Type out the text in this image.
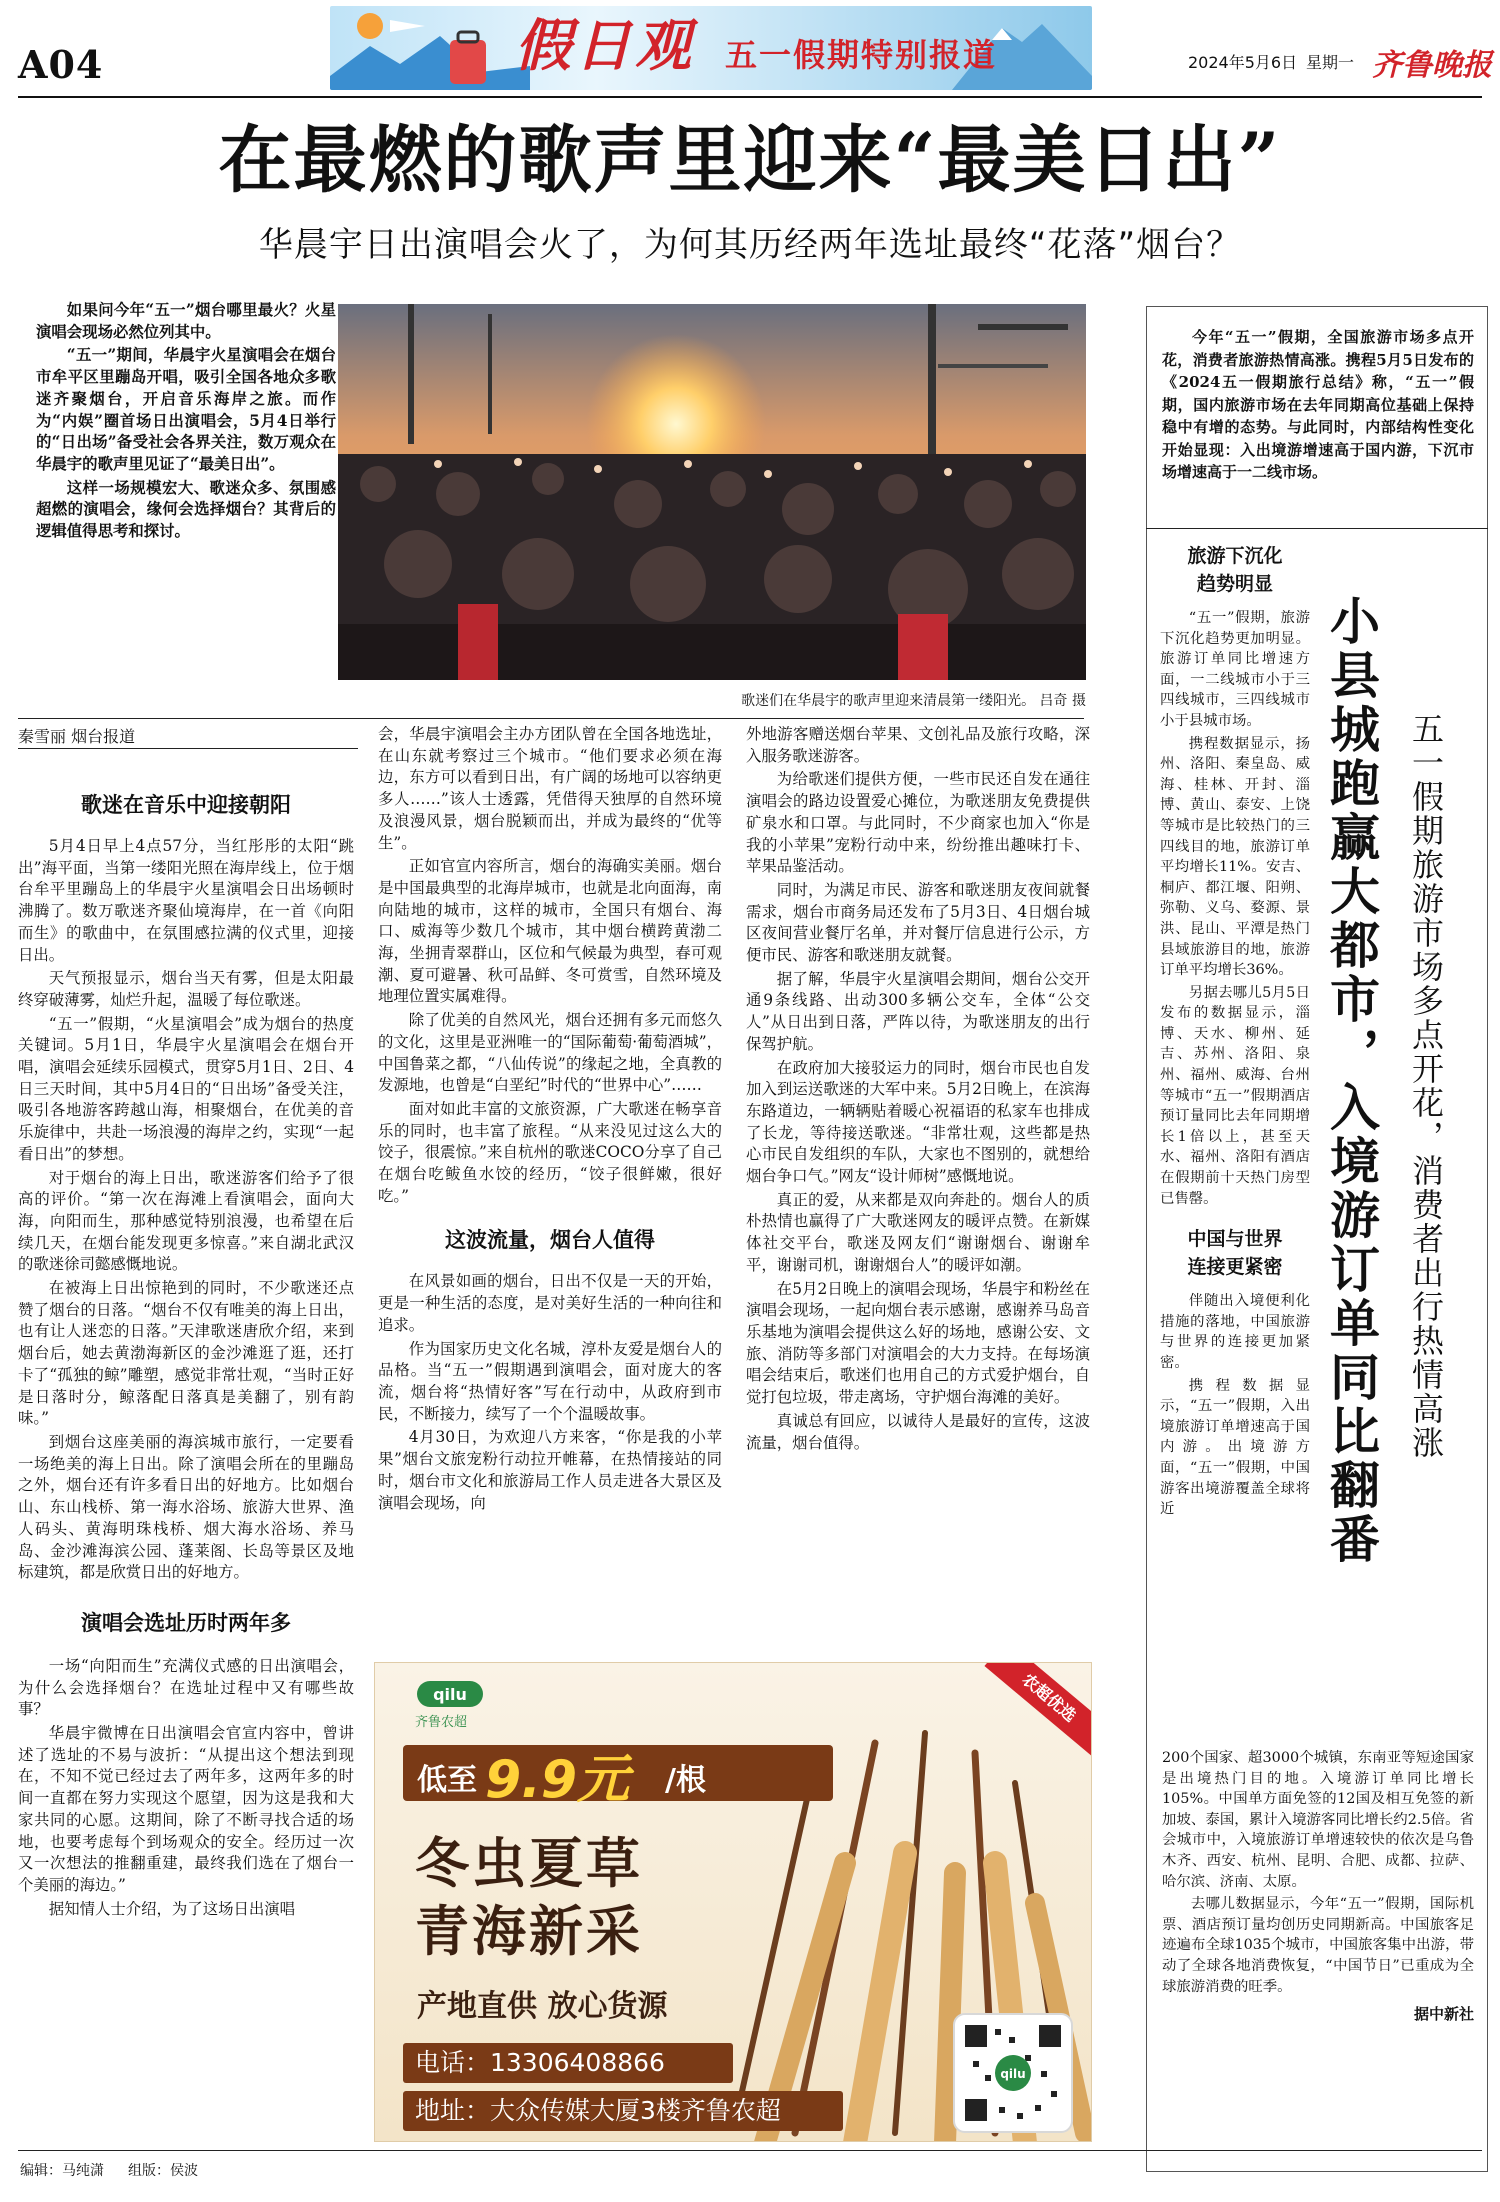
A04	假日观 五一假期特别报道	2024年5月6日 星期一 齐鲁晚报
在最燃的歌声里迎来“最美日出”
华晨宇日出演唱会火了，为何其历经两年选址最终“花落”烟台？

如果问今年“五一”烟台哪里最火？火星演唱会现场必然位列其中。

“五一”期间，华晨宇火星演唱会在烟台市牟平区里蹦岛开唱，吸引全国各地众多歌迷齐聚烟台，开启音乐海岸之旅。而作为“内娱”圈首场日出演唱会，5月4日举行的“日出场”备受社会各界关注，数万观众在华晨宇的歌声里见证了“最美日出”。

这样一场规模宏大、歌迷众多、氛围感超燃的演唱会，缘何会选择烟台？其背后的逻辑值得思考和探讨。

歌迷们在华晨宇的歌声里迎来清晨第一缕阳光。 吕奇 摄
秦雪丽 烟台报道
歌迷在音乐中迎接朝阳

5月4日早上4点57分，当红彤彤的太阳“跳出”海平面，当第一缕阳光照在海岸线上，位于烟台牟平里蹦岛上的华晨宇火星演唱会日出场顿时沸腾了。数万歌迷齐聚仙境海岸，在一首《向阳而生》的歌曲中，在氛围感拉满的仪式里，迎接日出。

天气预报显示，烟台当天有雾，但是太阳最终穿破薄雾，灿烂升起，温暖了每位歌迷。

“五一”假期，“火星演唱会”成为烟台的热度关键词。5月1日，华晨宇火星演唱会在烟台开唱，演唱会延续乐园模式，贯穿5月1日、2日、4日三天时间，其中5月4日的“日出场”备受关注，吸引各地游客跨越山海，相聚烟台，在优美的音乐旋律中，共赴一场浪漫的海岸之约，实现“一起看日出”的梦想。

对于烟台的海上日出，歌迷游客们给予了很高的评价。“第一次在海滩上看演唱会，面向大海，向阳而生，那种感觉特别浪漫，也希望在后续几天，在烟台能发现更多惊喜。”来自湖北武汉的歌迷徐司懿感慨地说。

在被海上日出惊艳到的同时，不少歌迷还点赞了烟台的日落。“烟台不仅有唯美的海上日出，也有让人迷恋的日落。”天津歌迷唐欣介绍，来到烟台后，她去黄渤海新区的金沙滩逛了逛，还打卡了“孤独的鲸”雕塑，感觉非常壮观，“当时正好是日落时分，鲸落配日落真是美翻了，别有韵味。”

到烟台这座美丽的海滨城市旅行，一定要看一场绝美的海上日出。除了演唱会所在的里蹦岛之外，烟台还有许多看日出的好地方。比如烟台山、东山栈桥、第一海水浴场、旅游大世界、渔人码头、黄海明珠栈桥、烟大海水浴场、养马岛、金沙滩海滨公园、蓬莱阁、长岛等景区及地标建筑，都是欣赏日出的好地方。

演唱会选址历时两年多

一场“向阳而生”充满仪式感的日出演唱会，为什么会选择烟台？在选址过程中又有哪些故事？

华晨宇微博在日出演唱会官宣内容中，曾讲述了选址的不易与波折：“从提出这个想法到现在，不知不觉已经过去了两年多，这两年多的时间一直都在努力实现这个愿望，因为这是我和大家共同的心愿。这期间，除了不断寻找合适的场地，也要考虑每个到场观众的安全。经历过一次又一次想法的推翻重建，最终我们选在了烟台一个美丽的海边。”

据知情人士介绍，为了这场日出演唱

会，华晨宇演唱会主办方团队曾在全国各地选址，在山东就考察过三个城市。“他们要求必须在海边，东方可以看到日出，有广阔的场地可以容纳更多人……”该人士透露，凭借得天独厚的自然环境及浪漫风景，烟台脱颖而出，并成为最终的“优等生”。

正如官宣内容所言，烟台的海确实美丽。烟台是中国最典型的北海岸城市，也就是北向面海，南向陆地的城市，这样的城市，全国只有烟台、海口、威海等少数几个城市，其中烟台横跨黄渤二海，坐拥青翠群山，区位和气候最为典型，春可观潮、夏可避暑、秋可品鲜、冬可赏雪，自然环境及地理位置实属难得。

除了优美的自然风光，烟台还拥有多元而悠久的文化，这里是亚洲唯一的“国际葡萄·葡萄酒城”，中国鲁菜之都，“八仙传说”的缘起之地，全真教的发源地，也曾是“白垩纪”时代的“世界中心”……

面对如此丰富的文旅资源，广大歌迷在畅享音乐的同时，也丰富了旅程。“从来没见过这么大的饺子，很震惊。”来自杭州的歌迷COCO分享了自己在烟台吃鲅鱼水饺的经历，“饺子很鲜嫩，很好吃。”

这波流量，烟台人值得

在风景如画的烟台，日出不仅是一天的开始，更是一种生活的态度，是对美好生活的一种向往和追求。

作为国家历史文化名城，淳朴友爱是烟台人的品格。当“五一”假期遇到演唱会，面对庞大的客流，烟台将“热情好客”写在行动中，从政府到市民，不断接力，续写了一个个温暖故事。

4月30日，为欢迎八方来客，“你是我的小苹果”烟台文旅宠粉行动拉开帷幕，在热情接站的同时，烟台市文化和旅游局工作人员走进各大景区及演唱会现场，向

外地游客赠送烟台苹果、文创礼品及旅行攻略，深入服务歌迷游客。

为给歌迷们提供方便，一些市民还自发在通往演唱会的路边设置爱心摊位，为歌迷朋友免费提供矿泉水和口罩。与此同时，不少商家也加入“你是我的小苹果”宠粉行动中来，纷纷推出趣味打卡、苹果品鉴活动。

同时，为满足市民、游客和歌迷朋友夜间就餐需求，烟台市商务局还发布了5月3日、4日烟台城区夜间营业餐厅名单，并对餐厅信息进行公示，方便市民、游客和歌迷朋友就餐。

据了解，华晨宇火星演唱会期间，烟台公交开通9条线路、出动300多辆公交车，全体“公交人”从日出到日落，严阵以待，为歌迷朋友的出行保驾护航。

在政府加大接驳运力的同时，烟台市民也自发加入到运送歌迷的大军中来。5月2日晚上，在滨海东路道边，一辆辆贴着暖心祝福语的私家车也排成了长龙，等待接送歌迷。“非常壮观，这些都是热心市民自发组织的车队，大家也不图别的，就想给烟台争口气。”网友“设计师树”感慨地说。

真正的爱，从来都是双向奔赴的。烟台人的质朴热情也赢得了广大歌迷网友的暖评点赞。在新媒体社交平台，歌迷及网友们“谢谢烟台、谢谢牟平，谢谢司机，谢谢烟台人”的暖评如潮。

在5月2日晚上的演唱会现场，华晨宇和粉丝在演唱会现场，一起向烟台表示感谢，感谢养马岛音乐基地为演唱会提供这么好的场地，感谢公安、文旅、消防等多部门对演唱会的大力支持。在每场演唱会结束后，歌迷们也用自己的方式爱护烟台，自觉打包垃圾，带走离场，守护烟台海滩的美好。

真诚总有回应，以诚待人是最好的宣传，这波流量，烟台值得。

qilu
齐鲁农超	农超优选
低至 9.9元 /根
冬虫夏草
青海新采
产地直供 放心货源
电话：13306408866
地址：大众传媒大厦3楼齐鲁农超
qilu

今年“五一”假期，全国旅游市场多点开花，消费者旅游热情高涨。携程5月5日发布的《2024五一假期旅行总结》称，“五一”假期，国内旅游市场在去年同期高位基础上保持稳中有增的态势。与此同时，内部结构性变化开始显现：入出境游增速高于国内游，下沉市场增速高于一二线市场。

小县城跑赢大都市，入境游订单同比翻番 五一假期旅游市场多点开花，消费者出行热情高涨
旅游下沉化
趋势明显

“五一”假期，旅游下沉化趋势更加明显。旅游订单同比增速方面，一二线城市小于三四线城市，三四线城市小于县城市场。

携程数据显示，扬州、洛阳、秦皇岛、威海、桂林、开封、淄博、黄山、泰安、上饶等城市是比较热门的三四线目的地，旅游订单平均增长11%。安吉、桐庐、都江堰、阳朔、弥勒、义乌、婺源、景洪、昆山、平潭是热门县域旅游目的地，旅游订单平均增长36%。

另据去哪儿5月5日发布的数据显示，淄博、天水、柳州、延吉、苏州、洛阳、泉州、福州、威海、台州等城市“五一”假期酒店预订量同比去年同期增长1倍以上，甚至天水、福州、洛阳有酒店在假期前十天热门房型已售罄。

中国与世界
连接更紧密

伴随出入境便利化措施的落地，中国旅游与世界的连接更加紧密。

携程数据显示，“五一”假期，入出境旅游订单增速高于国内游。出境游方面，“五一”假期，中国游客出境游覆盖全球将近

200个国家、超3000个城镇，东南亚等短途国家是出境热门目的地。入境游订单同比增长105%。中国单方面免签的12国及相互免签的新加坡、泰国，累计入境游客同比增长约2.5倍。省会城市中，入境旅游订单增速较快的依次是乌鲁木齐、西安、杭州、昆明、合肥、成都、拉萨、哈尔滨、济南、太原。

去哪儿数据显示，今年“五一”假期，国际机票、酒店预订量均创历史同期新高。中国旅客足迹遍布全球1035个城市，中国旅客集中出游，带动了全球各地消费恢复，“中国节日”已重成为全球旅游消费的旺季。

据中新社
编辑：马纯潇 组版：侯波
